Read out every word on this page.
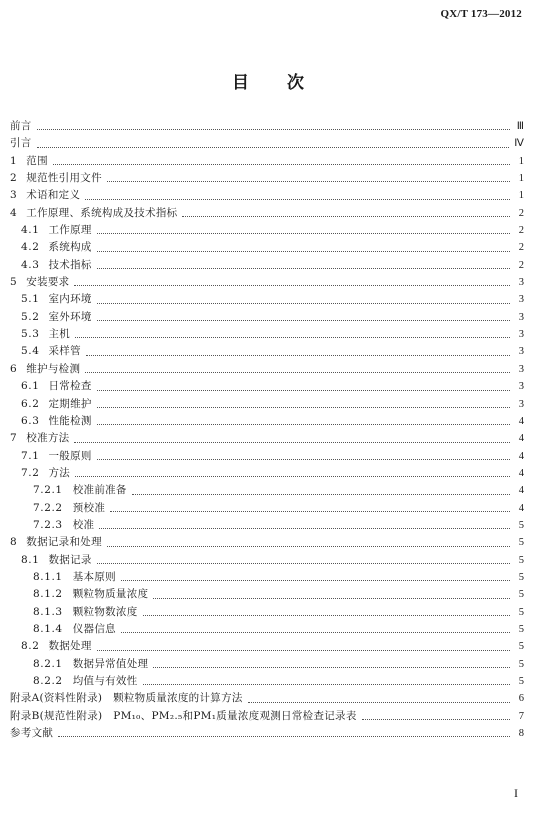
QX/T 173—2012
目 次
前言	Ⅲ
引言	Ⅳ
1 范围	1
2 规范性引用文件	1
3 术语和定义	1
4 工作原理、系统构成及技术指标	2
4.1 工作原理	2
4.2 系统构成	2
4.3 技术指标	2
5 安装要求	3
5.1 室内环境	3
5.2 室外环境	3
5.3 主机	3
5.4 采样管	3
6 维护与检测	3
6.1 日常检查	3
6.2 定期维护	3
6.3 性能检测	4
7 校准方法	4
7.1 一般原则	4
7.2 方法	4
7.2.1 校准前准备	4
7.2.2 预校准	4
7.2.3 校准	5
8 数据记录和处理	5
8.1 数据记录	5
8.1.1 基本原则	5
8.1.2 颗粒物质量浓度	5
8.1.3 颗粒物数浓度	5
8.1.4 仪器信息	5
8.2 数据处理	5
8.2.1 数据异常值处理	5
8.2.2 均值与有效性	5
附录A(资料性附录)　颗粒物质量浓度的计算方法	6
附录B(规范性附录)　PM₁₀、PM₂.₅和PM₁质量浓度观测日常检查记录表	7
参考文献	8
I
